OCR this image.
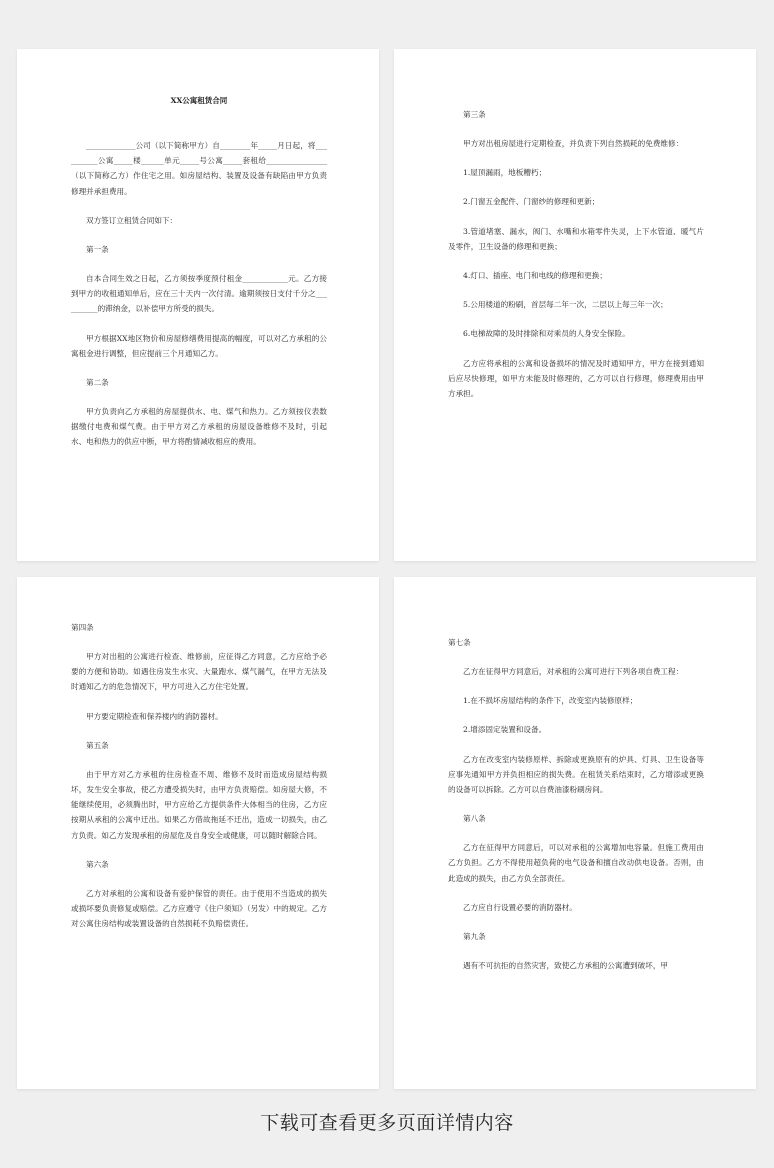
XX公寓租赁合同
_____________公司（以下简称甲方）自________年_____月日起，将__________公寓_____楼______单元_____号公寓_____套租给________________（以下简称乙方）作住宅之用。如房屋结构、装置及设备有缺陷由甲方负责修理并承担费用。
双方签订立租赁合同如下：
第一条
自本合同生效之日起，乙方须按季度预付租金____________元。乙方接到甲方的收租通知单后，应在三十天内一次付清。逾期须按日支付千分之__________的滞纳金，以补偿甲方所受的损失。
甲方根据XX地区物价和房屋修缮费用提高的幅度，可以对乙方承租的公寓租金进行调整，但应提前三个月通知乙方。
第二条
甲方负责向乙方承租的房屋提供水、电、煤气和热力。乙方须按仪表数据缴付电费和煤气费。由于甲方对乙方承租的房屋设备维修不及时，引起水、电和热力的供应中断，甲方将酌情减收相应的费用。
第三条
甲方对出租房屋进行定期检查，并负责下列自然损耗的免费维修：
1.屋顶漏雨，地板糟朽；
2.门窗五金配件、门窗纱的修理和更新；
3.管道堵塞、漏水，阀门、水嘴和水箱零件失灵，上下水管道、暖气片及零件，卫生设备的修理和更换；
4.灯口、插座、电门和电线的修理和更换；
5.公用楼道的粉刷，首层每二年一次，二层以上每三年一次；
6.电梯故障的及时排除和对乘员的人身安全保险。
乙方应将承租的公寓和设备损坏的情况及时通知甲方，甲方在接到通知后应尽快修理，如甲方未能及时修理的，乙方可以自行修理，修理费用由甲方承担。
第四条
甲方对出租的公寓进行检查、维修前，应征得乙方同意，乙方应给予必要的方便和协助。如遇住房发生水灾、大量跑水、煤气漏气，在甲方无法及时通知乙方的危急情况下，甲方可进入乙方住宅处置。
甲方要定期检查和保养楼内的消防器材。
第五条
由于甲方对乙方承租的住房检查不周、维修不及时而造成房屋结构损坏，发生安全事故，使乙方遭受损失时，由甲方负责赔偿。如房屋大修，不能继续使用，必须腾出时，甲方应给乙方提供条件大体相当的住房，乙方应按期从承租的公寓中迁出。如果乙方借故拖延不迁出，造成一切损失，由乙方负责。如乙方发现承租的房屋危及自身安全或健康，可以随时解除合同。
第六条
乙方对承租的公寓和设备有爱护保管的责任。由于使用不当造成的损失或损坏要负责修复或赔偿。乙方应遵守《住户须知》（另发）中的规定。乙方对公寓住房结构或装置设备的自然损耗不负赔偿责任。
第七条
乙方在征得甲方同意后，对承租的公寓可进行下列各项自费工程：
1.在不损坏房屋结构的条件下，改变室内装修原样；
2.增添固定装置和设备。
乙方在改变室内装修原样、拆除或更换原有的炉具、灯具、卫生设备等应事先通知甲方并负担相应的损失费。在租赁关系结束时，乙方增添或更换的设备可以拆除。乙方可以自费油漆粉刷房间。
第八条
乙方在征得甲方同意后，可以对承租的公寓增加电容量。但施工费用由乙方负担。乙方不得使用超负荷的电气设备和擅自改动供电设备。否则，由此造成的损失，由乙方负全部责任。
乙方应自行设置必要的消防器材。
第九条
遇有不可抗拒的自然灾害，致使乙方承租的公寓遭到破坏，甲
下载可查看更多页面详情内容
